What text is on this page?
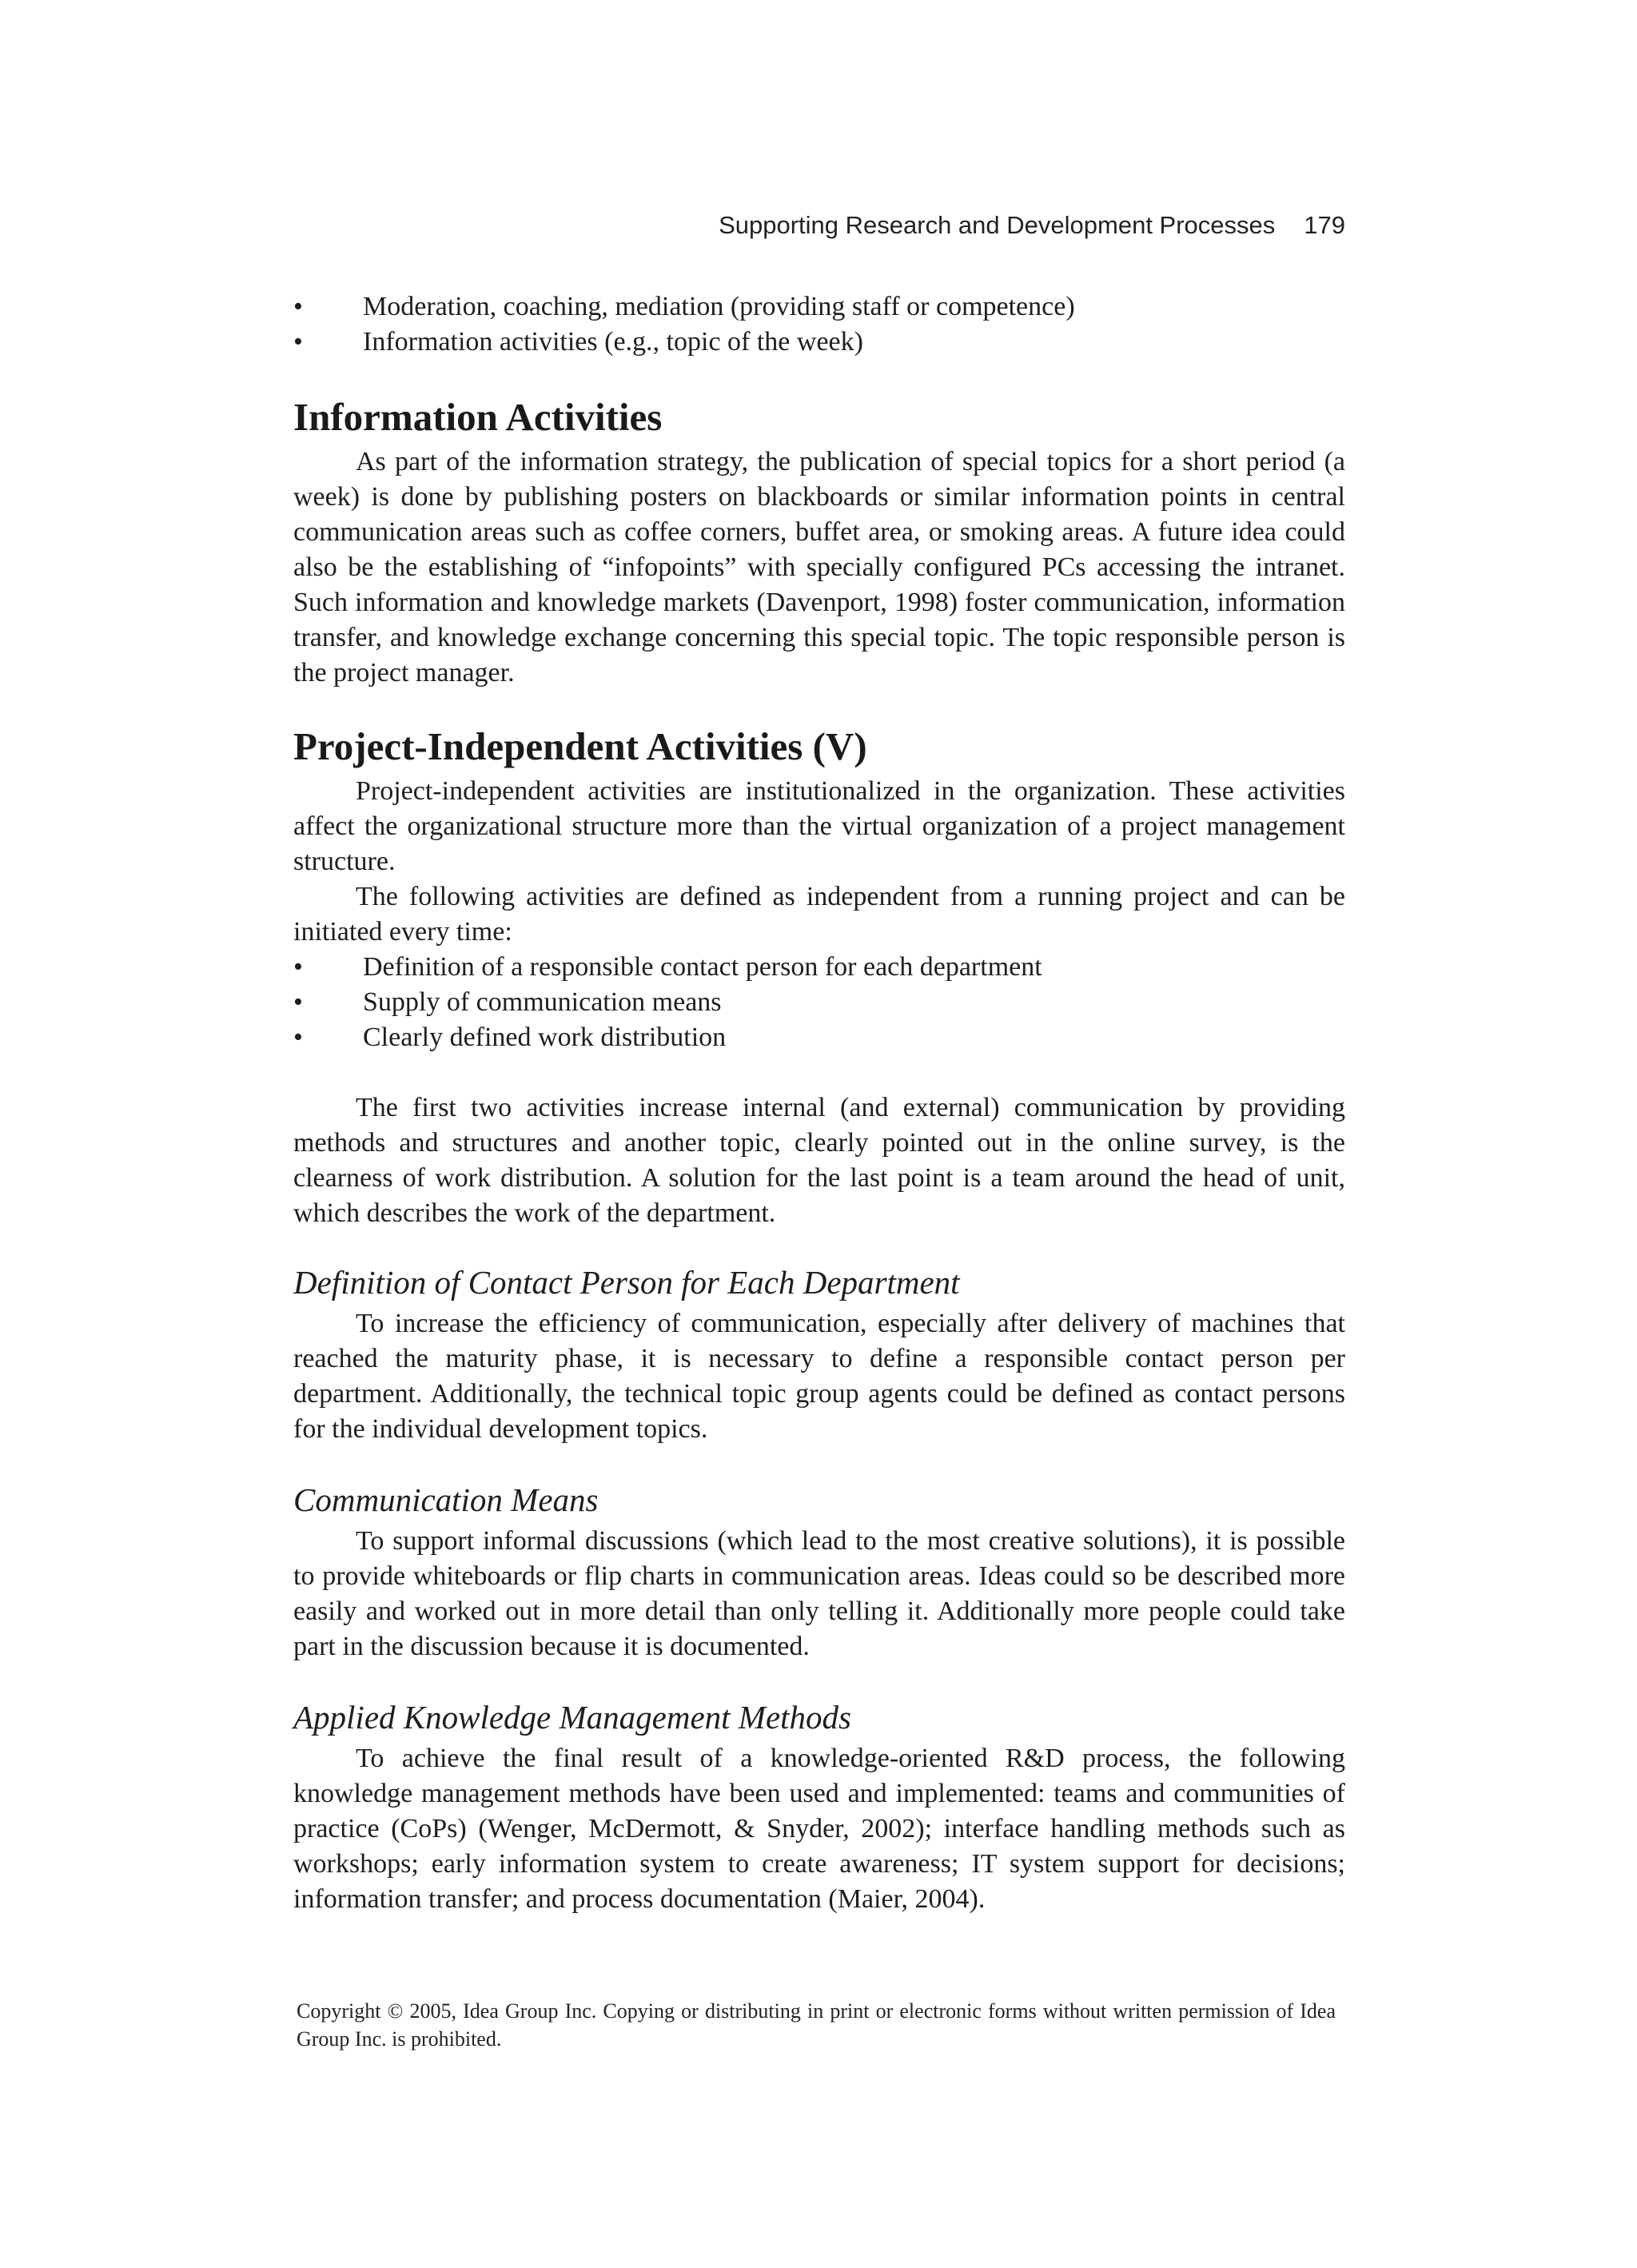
Supporting Research and Development Processes 179
• Moderation, coaching, mediation (providing staff or competence)
• Information activities (e.g., topic of the week)
Information Activities

As part of the information strategy, the publication of special topics for a short period (a week) is done by publishing posters on blackboards or similar information points in central communication areas such as coffee corners, buffet area, or smoking areas. A future idea could also be the establishing of “infopoints” with specially configured PCs accessing the intranet. Such information and knowledge markets (Davenport, 1998) foster communication, information transfer, and knowledge exchange concerning this special topic. The topic responsible person is the project manager.

Project-Independent Activities (V)

Project-independent activities are institutionalized in the organization. These activities affect the organizational structure more than the virtual organization of a project management structure.

The following activities are defined as independent from a running project and can be initiated every time:

• Definition of a responsible contact person for each department
• Supply of communication means
• Clearly defined work distribution

The first two activities increase internal (and external) communication by providing methods and structures and another topic, clearly pointed out in the online survey, is the clearness of work distribution. A solution for the last point is a team around the head of unit, which describes the work of the department.

Definition of Contact Person for Each Department

To increase the efficiency of communication, especially after delivery of machines that reached the maturity phase, it is necessary to define a responsible contact person per department. Additionally, the technical topic group agents could be defined as contact persons for the individual development topics.

Communication Means

To support informal discussions (which lead to the most creative solutions), it is possible to provide whiteboards or flip charts in communication areas. Ideas could so be described more easily and worked out in more detail than only telling it. Additionally more people could take part in the discussion because it is documented.

Applied Knowledge Management Methods

To achieve the final result of a knowledge-oriented R&D process, the following knowledge management methods have been used and implemented: teams and communities of practice (CoPs) (Wenger, McDermott, & Snyder, 2002); interface handling methods such as workshops; early information system to create awareness; IT system support for decisions; information transfer; and process documentation (Maier, 2004).

Copyright © 2005, Idea Group Inc. Copying or distributing in print or electronic forms without written permission of Idea Group Inc. is prohibited.
